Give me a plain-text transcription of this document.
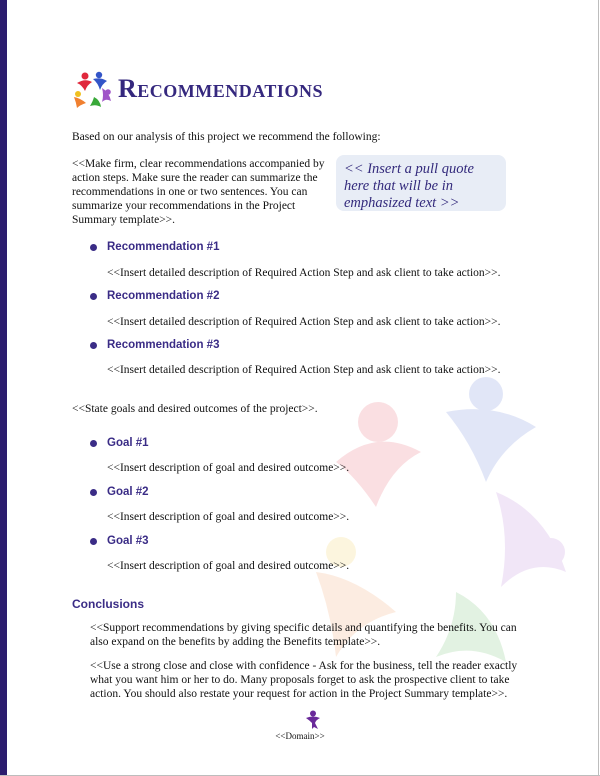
Recommendations
Based on our analysis of this project we recommend the following:
<<Make firm, clear recommendations accompanied by action steps. Make sure the reader can summarize the recommendations in one or two sentences. You can summarize your recommendations in the Project Summary template>>.
<< Insert a pull quote here that will be in emphasized text >>
Recommendation #1
<<Insert detailed description of Required Action Step and ask client to take action>>.
Recommendation #2
<<Insert detailed description of Required Action Step and ask client to take action>>.
Recommendation #3
<<Insert detailed description of Required Action Step and ask client to take action>>.
<<State goals and desired outcomes of the project>>.
Goal #1
<<Insert description of goal and desired outcome>>.
Goal #2
<<Insert description of goal and desired outcome>>.
Goal #3
<<Insert description of goal and desired outcome>>.
Conclusions
<<Support recommendations by giving specific details and quantifying the benefits. You can also expand on the benefits by adding the Benefits template>>.
<<Use a strong close and close with confidence - Ask for the business, tell the reader exactly what you want him or her to do. Many proposals forget to ask the prospective client to take action. You should also restate your request for action in the Project Summary template>>.
<<Domain>>
